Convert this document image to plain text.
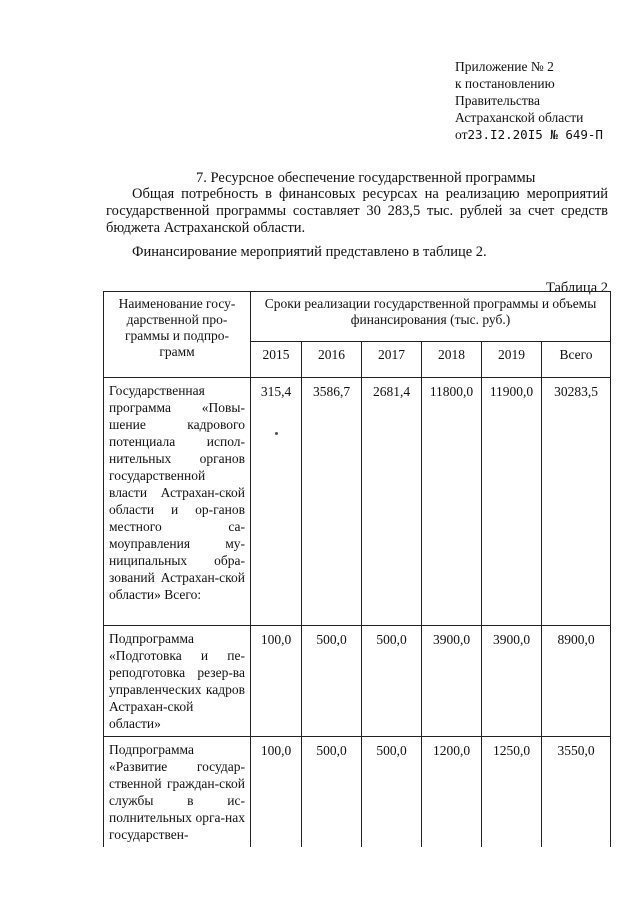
Приложение № 2
к постановлению
Правительства
Астраханской области
от23.I2.20I5 № 649-П
7. Ресурсное обеспечение государственной программы

Общая потребность в финансовых ресурсах на реализацию мероприятий государственной программы составляет 30 283,5 тыс. рублей за счет средств бюджета Астраханской области.

Финансирование мероприятий представлено в таблице 2.

Таблица 2
Наименование госу-дарственной про-граммы и подпро-грамм	Сроки реализации государственной программы и объемы финансирования (тыс. руб.)					
	2015	2016	2017	2018	2019	Всего
Государственная программа «Повы-шение кадрового потенциала испол-нительных органов государственной власти Астрахан-ской области и ор-ганов местного са-моуправления му-ниципальных обра-зований Астрахан-ской области» Всего:	315,4	3586,7	2681,4	11800,0	11900,0	30283,5
Подпрограмма «Подготовка и пе-реподготовка резер-ва управленческих кадров Астрахан-ской области»	100,0	500,0	500,0	3900,0	3900,0	8900,0
Подпрограмма «Развитие государ-ственной граждан-ской службы в ис-полнительных орга-нах государствен-	100,0	500,0	500,0	1200,0	1250,0	3550,0
